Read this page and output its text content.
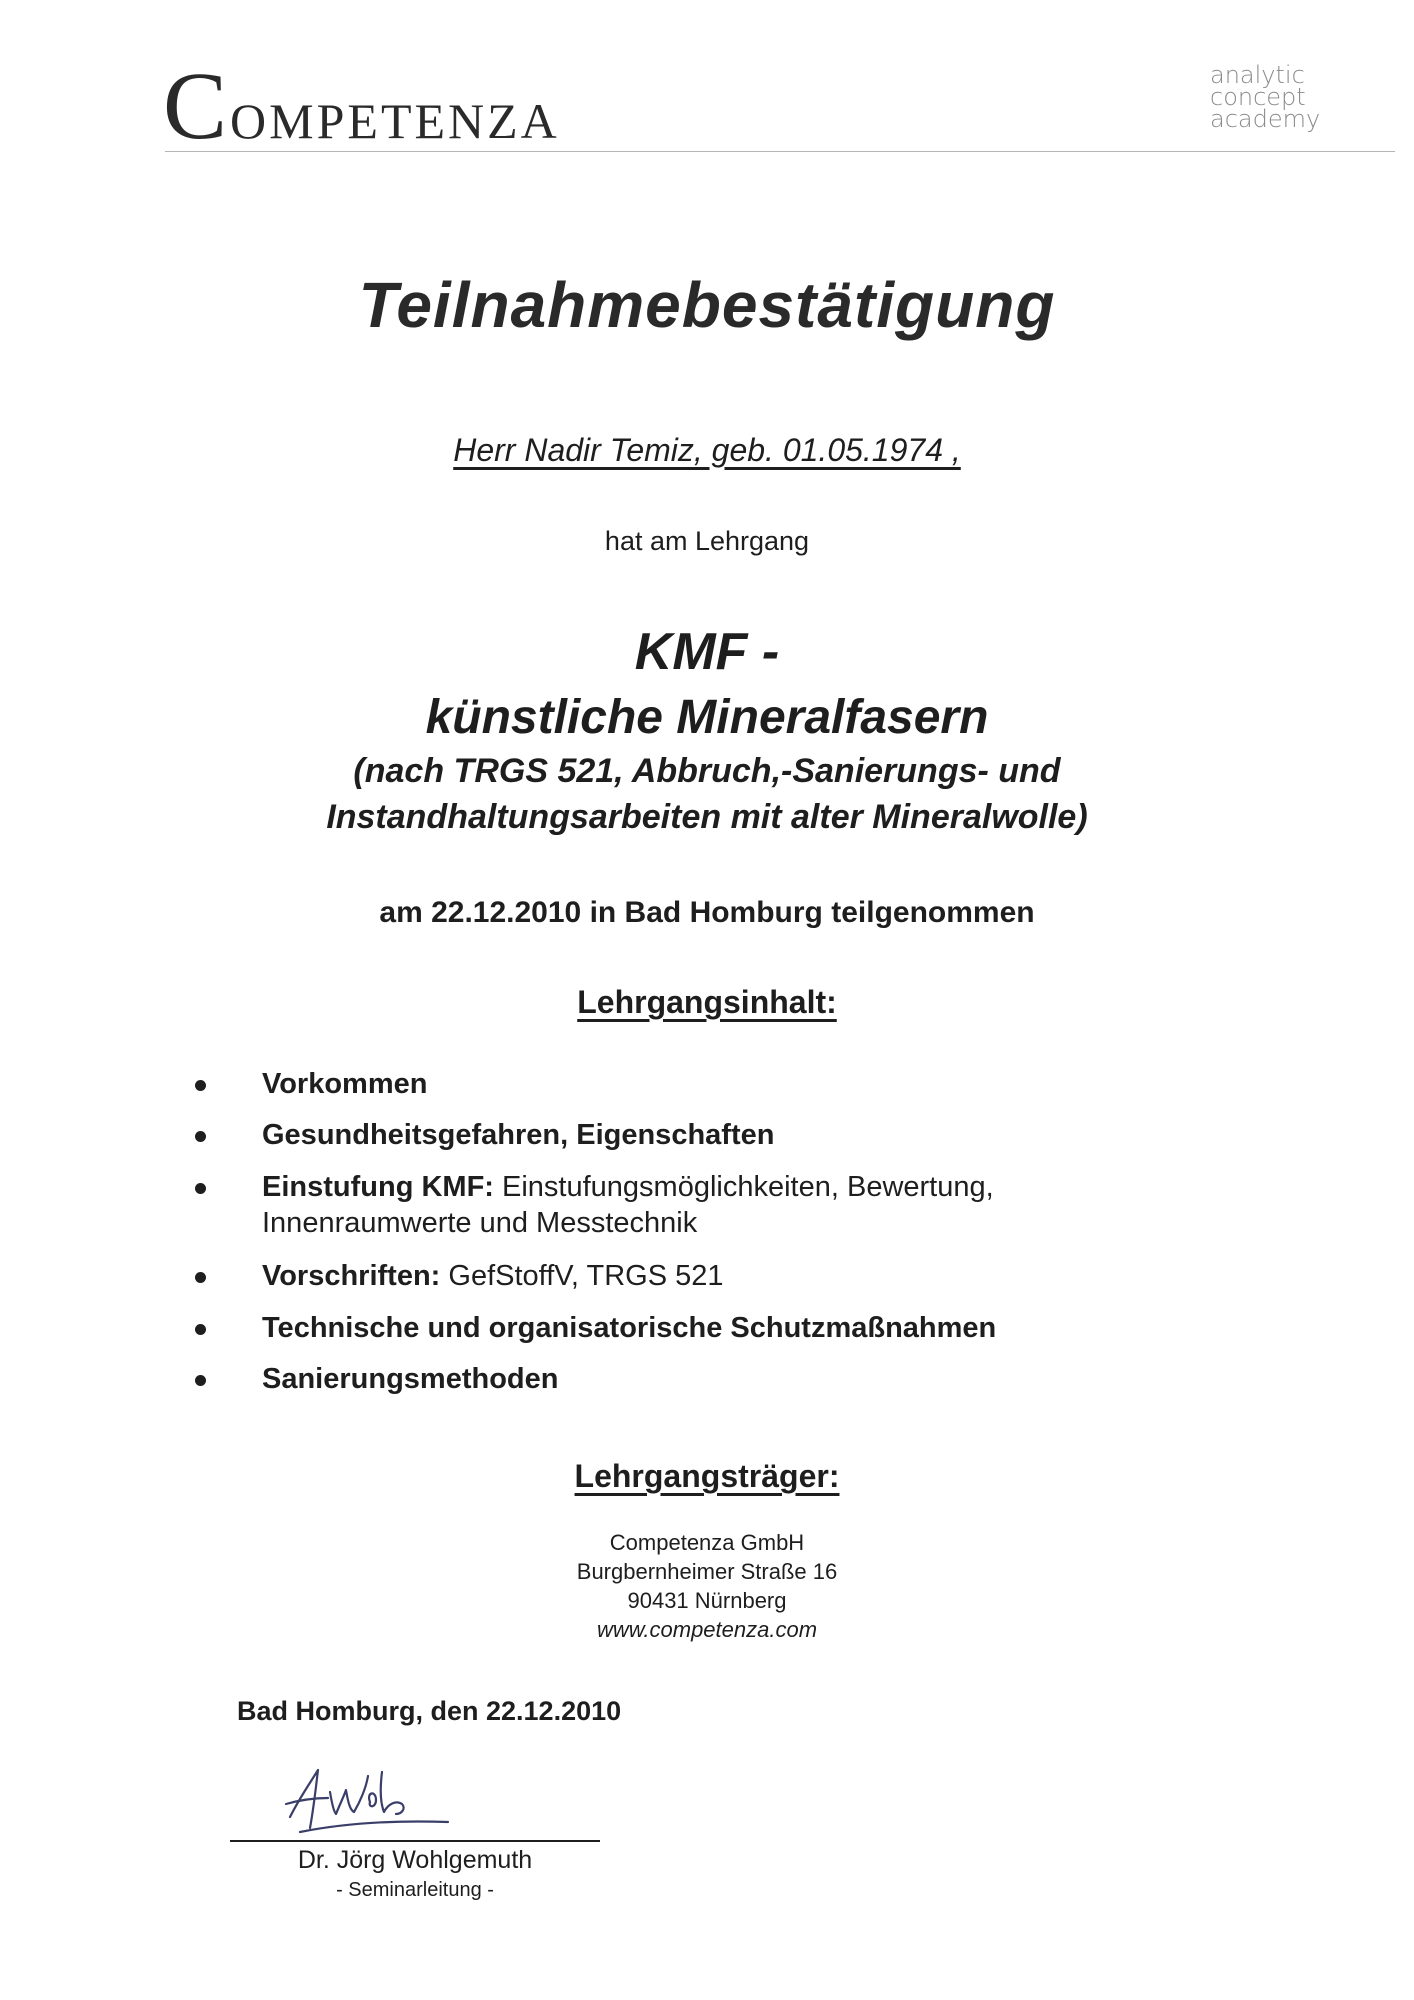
COMPETENZA
analytic
concept
academy
Teilnahmebestätigung
Herr Nadir Temiz, geb. 01.05.1974 ,
hat am Lehrgang
KMF -
künstliche Mineralfasern
(nach TRGS 521, Abbruch,-Sanierungs- und
Instandhaltungsarbeiten mit alter Mineralwolle)
am 22.12.2010 in Bad Homburg teilgenommen
Lehrgangsinhalt:
Vorkommen
Gesundheitsgefahren, Eigenschaften
Einstufung KMF: Einstufungsmöglichkeiten, Bewertung,
Innenraumwerte und Messtechnik
Vorschriften: GefStoffV, TRGS 521
Technische und organisatorische Schutzmaßnahmen
Sanierungsmethoden
Lehrgangsträger:
Competenza GmbH
Burgbernheimer Straße 16
90431 Nürnberg
www.competenza.com
Bad Homburg, den 22.12.2010
Dr. Jörg Wohlgemuth
- Seminarleitung -
